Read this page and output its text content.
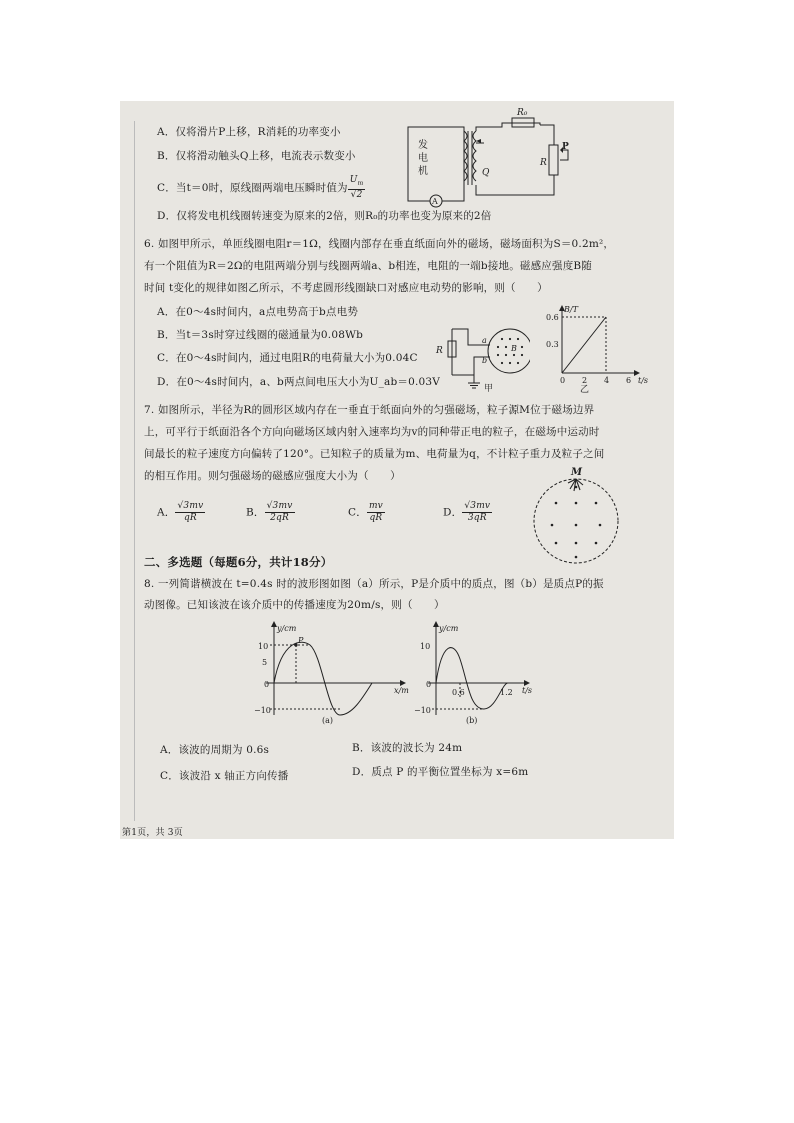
A．仅将滑片P上移，R消耗的功率变小
B．仅将滑动触头Q上移，电流表示数变小
C．当t＝0时，原线圈两端电压瞬时值为 $\frac{U_m}{√2}$
D．仅将发电机线圈转速变为原来的2倍，则R₀的功率也变为原来的2倍
A
R₀
R
P
Q
发电机
6. 如图甲所示，单匝线圈电阻r＝1Ω，线圈内部存在垂直纸面向外的磁场，磁场面积为S＝0.2m²，
有一个阻值为R＝2Ω的电阻两端分别与线圈两端a、b相连，电阻的一端b接地。磁感应强度B随
时间 t变化的规律如图乙所示，不考虑圆形线圈缺口对感应电动势的影响，则（　　）
A．在0～4s时间内，a点电势高于b点电势
B．当t＝3s时穿过线圈的磁通量为0.08Wb
C．在0～4s时间内，通过电阻R的电荷量大小为0.04C
D．在0～4s时间内，a、b两点间电压大小为U_ab＝0.03V
R
a
b
B
甲
B/T
t/s
0.6
0.3
0 2 4 6
乙
7. 如图所示，半径为R的圆形区域内存在一垂直于纸面向外的匀强磁场，粒子源M位于磁场边界
上，可平行于纸面沿各个方向向磁场区域内射入速率均为v的同种带正电的粒子，在磁场中运动时
间最长的粒子速度方向偏转了120°。已知粒子的质量为m、电荷量为q，不计粒子重力及粒子之间
的相互作用。则匀强磁场的磁感应强度大小为（　　）
A． $\frac{√3mv}{qR}$	B． $\frac{√3mv}{2qR}$	C． $\frac{mv}{qR}$	D． $\frac{√3mv}{3qR}$
M
二、多选题（每题6分，共计18分）
8. 一列简谐横波在 t=0.4s 时的波形图如图（a）所示，P是介质中的质点，图（b）是质点P的振
动图像。已知该波在该介质中的传播速度为20m/s，则（　　）
y/cm
x/m
10
5
0
−10
P
(a)
y/cm
t/s
10
0
−10
0.6	1.2
(b)
A．该波的周期为 0.6s	B．该波的波长为 24m
C．该波沿 x 轴正方向传播	D．质点 P 的平衡位置坐标为 x=6m
第1页，共 3页
